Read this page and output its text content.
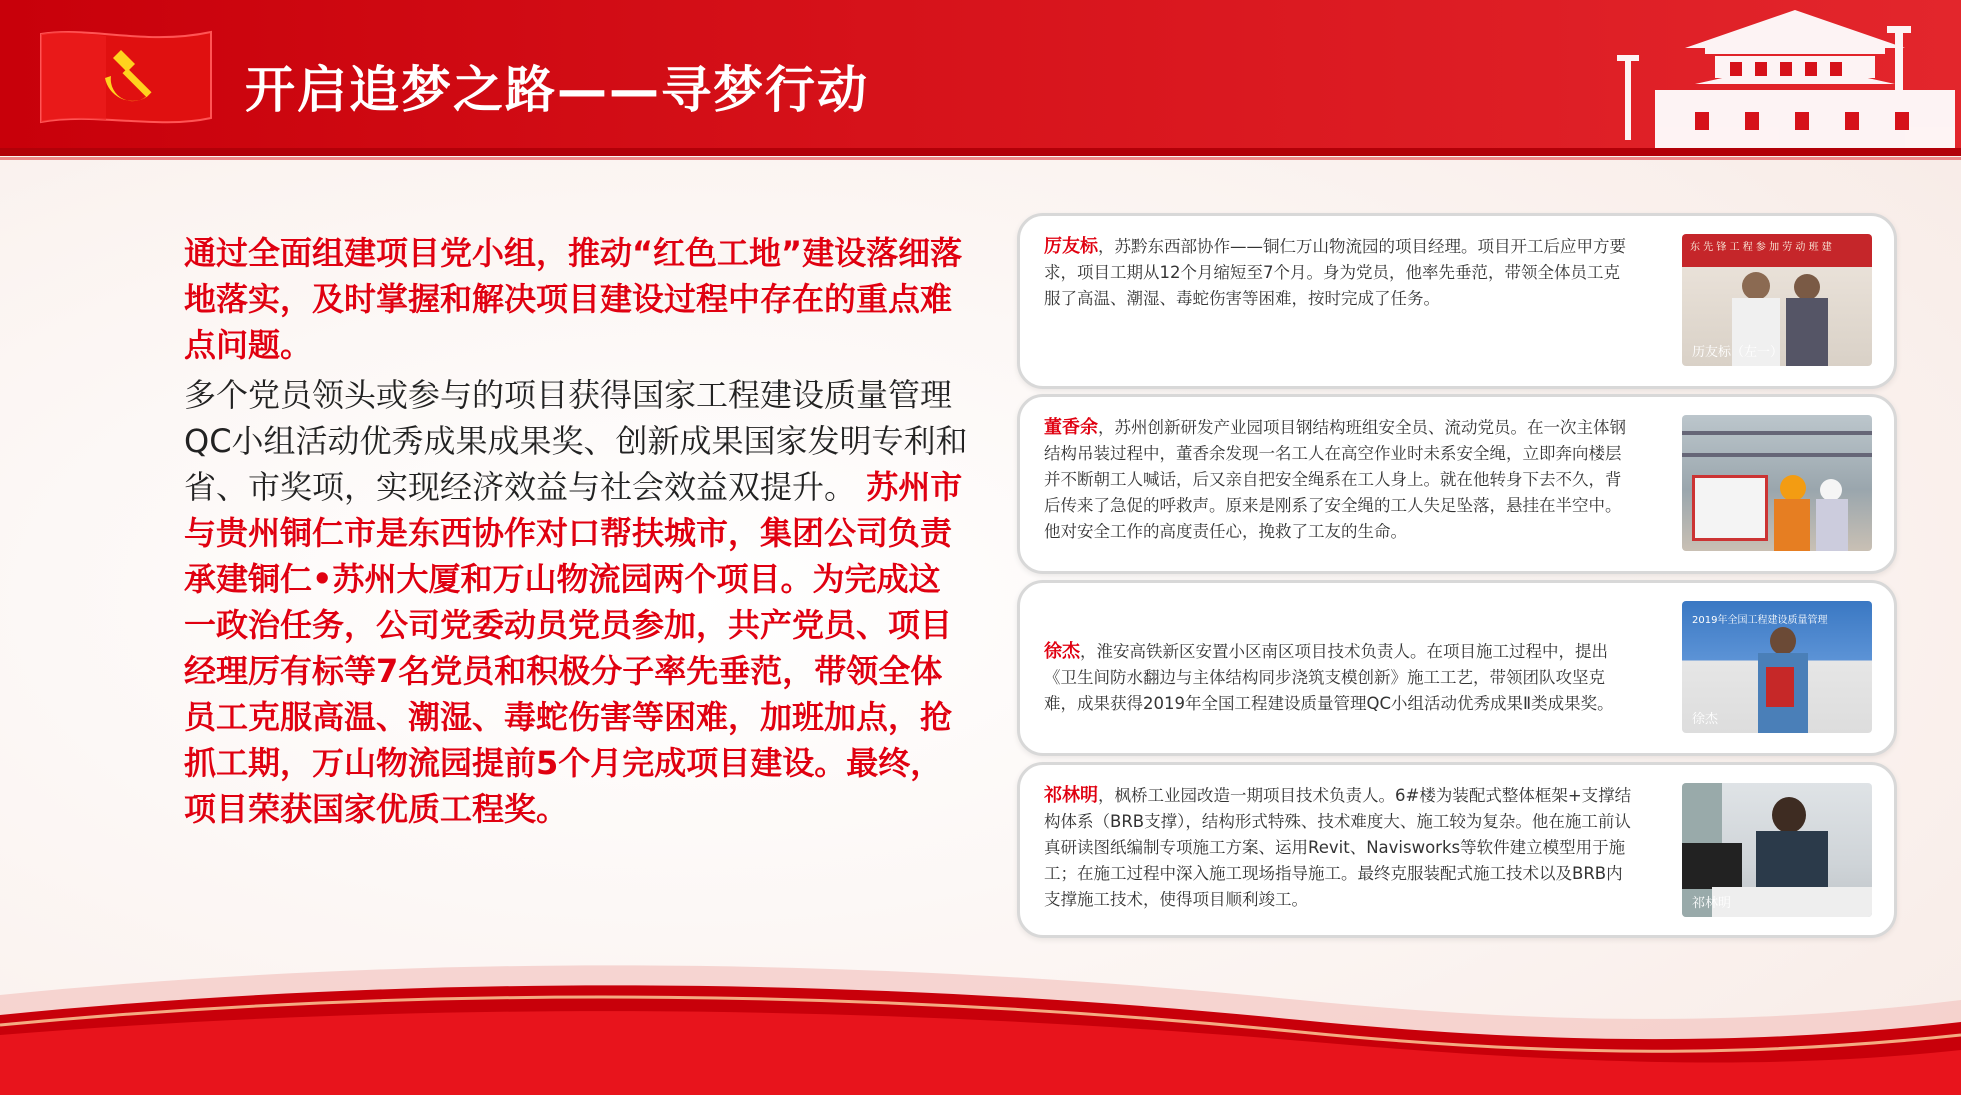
开启追梦之路——寻梦行动

通过全面组建项目党小组，推动“红色工地”建设落细落地落实，及时掌握和解决项目建设过程中存在的重点难点问题。

多个党员领头或参与的项目获得国家工程建设质量管理QC小组活动优秀成果成果奖、创新成果国家发明专利和省、市奖项，实现经济效益与社会效益双提升。 苏州市与贵州铜仁市是东西协作对口帮扶城市，集团公司负责承建铜仁•苏州大厦和万山物流园两个项目。为完成这一政治任务，公司党委动员党员参加，共产党员、项目经理厉有标等7名党员和积极分子率先垂范，带领全体员工克服高温、潮湿、毒蛇伤害等困难，加班加点，抢抓工期，万山物流园提前5个月完成项目建设。最终，项目荣获国家优质工程奖。

厉友标，苏黔东西部协作——铜仁万山物流园的项目经理。项目开工后应甲方要求，项目工期从12个月缩短至7个月。身为党员，他率先垂范，带领全体员工克服了高温、潮湿、毒蛇伤害等困难，按时完成了任务。
东 先 锋 工 程 参 加 劳 动 班 建
历友标（左一）
董香余，苏州创新研发产业园项目钢结构班组安全员、流动党员。在一次主体钢结构吊装过程中，董香余发现一名工人在高空作业时未系安全绳，立即奔向楼层并不断朝工人喊话，后又亲自把安全绳系在工人身上。就在他转身下去不久，背后传来了急促的呼救声。原来是刚系了安全绳的工人失足坠落，悬挂在半空中。他对安全工作的高度责任心，挽救了工友的生命。
徐杰，淮安高铁新区安置小区南区项目技术负责人。在项目施工过程中，提出《卫生间防水翻边与主体结构同步浇筑支模创新》施工工艺，带领团队攻坚克难，成果获得2019年全国工程建设质量管理QC小组活动优秀成果Ⅱ类成果奖。
2019年全国工程建设质量管理
徐杰
祁林明，枫桥工业园改造一期项目技术负责人。6#楼为装配式整体框架+支撑结构体系（BRB支撑），结构形式特殊、技术难度大、施工较为复杂。他在施工前认真研读图纸编制专项施工方案、运用Revit、Navisworks等软件建立模型用于施工；在施工过程中深入施工现场指导施工。最终克服装配式施工技术以及BRB内支撑施工技术，使得项目顺利竣工。	祁林明
